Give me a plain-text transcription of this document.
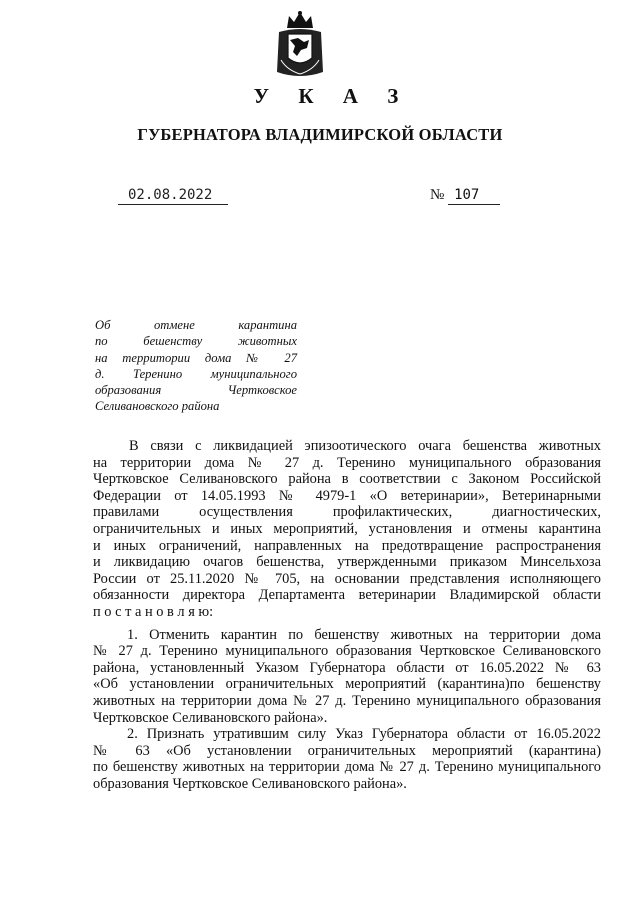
У К А З
ГУБЕРНАТОРА ВЛАДИМИРСКОЙ ОБЛАСТИ
02.08.2022	№ 107
Об отмене карантина
по бешенству животных
на территории дома № 27
д. Теренино муниципального
образования Чертковское
Селивановского района
В связи с ликвидацией эпизоотического очага бешенства животных
на территории дома № 27 д. Теренино муниципального образования
Чертковское Селивановского района в соответствии с Законом Российской
Федерации от 14.05.1993 № 4979-1 «О ветеринарии», Ветеринарными
правилами осуществления профилактических, диагностических,
ограничительных и иных мероприятий, установления и отмены карантина
и иных ограничений, направленных на предотвращение распространения
и ликвидацию очагов бешенства, утвержденными приказом Минсельхоза
России от 25.11.2020 № 705, на основании представления исполняющего
обязанности директора Департамента ветеринарии Владимирской области
п о с т а н о в л я ю:
1. Отменить карантин по бешенству животных на территории дома
№ 27 д. Теренино муниципального образования Чертковское Селивановского
района, установленный Указом Губернатора области от 16.05.2022 № 63
«Об установлении ограничительных мероприятий (карантина)по бешенству
животных на территории дома № 27 д. Теренино муниципального образования
Чертковское Селивановского района».
2. Признать утратившим силу Указ Губернатора области от 16.05.2022
№ 63 «Об установлении ограничительных мероприятий (карантина)
по бешенству животных на территории дома № 27 д. Теренино муниципального
образования Чертковское Селивановского района».
